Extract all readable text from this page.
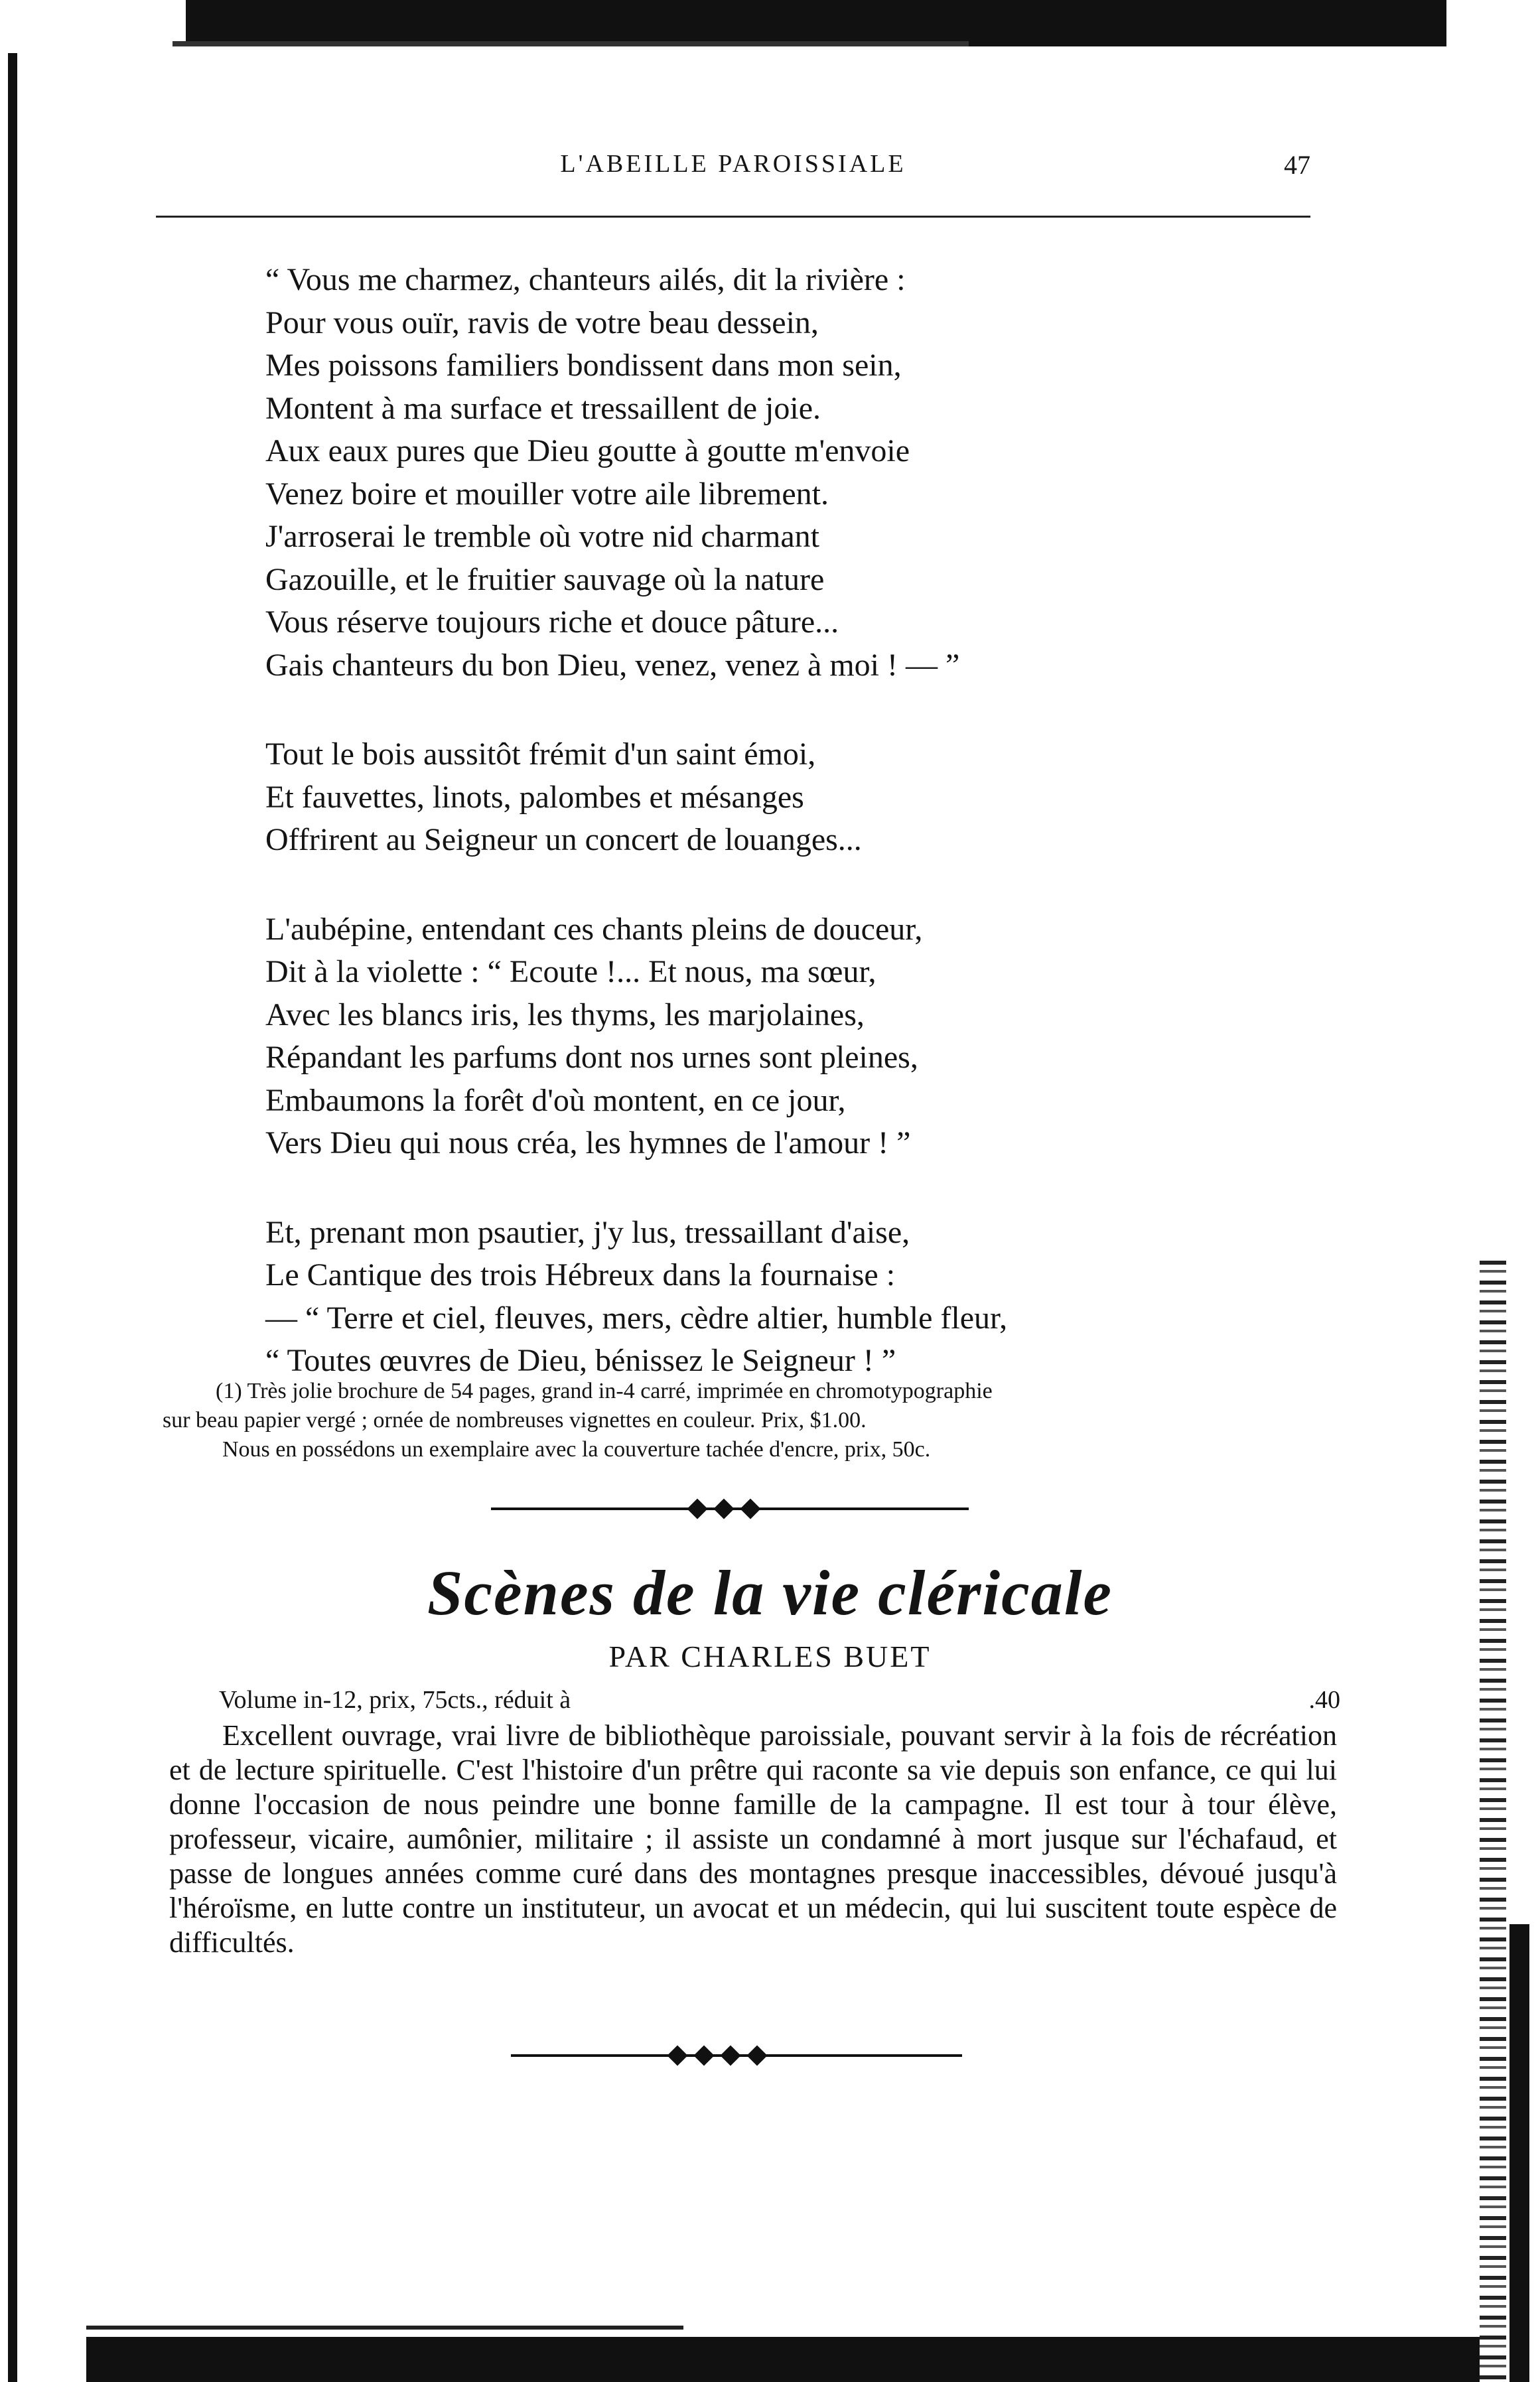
L'ABEILLE PAROISSIALE	47
“ Vous me charmez, chanteurs ailés, dit la rivière :
Pour vous ouïr, ravis de votre beau dessein,
Mes poissons familiers bondissent dans mon sein,
Montent à ma surface et tressaillent de joie.
Aux eaux pures que Dieu goutte à goutte m'envoie
Venez boire et mouiller votre aile librement.
J'arroserai le tremble où votre nid charmant
Gazouille, et le fruitier sauvage où la nature
Vous réserve toujours riche et douce pâture...
Gais chanteurs du bon Dieu, venez, venez à moi ! — ”
Tout le bois aussitôt frémit d'un saint émoi,
Et fauvettes, linots, palombes et mésanges
Offrirent au Seigneur un concert de louanges...
L'aubépine, entendant ces chants pleins de douceur,
Dit à la violette : “ Ecoute !... Et nous, ma sœur,
Avec les blancs iris, les thyms, les marjolaines,
Répandant les parfums dont nos urnes sont pleines,
Embaumons la forêt d'où montent, en ce jour,
Vers Dieu qui nous créa, les hymnes de l'amour ! ”
Et, prenant mon psautier, j'y lus, tressaillant d'aise,
Le Cantique des trois Hébreux dans la fournaise :
— “ Terre et ciel, fleuves, mers, cèdre altier, humble fleur,
“ Toutes œuvres de Dieu, bénissez le Seigneur ! ”
(1) Très jolie brochure de 54 pages, grand in-4 carré, imprimée en chromotypographie
sur beau papier vergé ; ornée de nombreuses vignettes en couleur. Prix, $1.00.
Nous en possédons un exemplaire avec la couverture tachée d'encre, prix, 50c.
Scènes de la vie cléricale
PAR CHARLES BUET
Volume in-12, prix, 75cts., réduit à	.40

Excellent ouvrage, vrai livre de bibliothèque paroissiale, pouvant servir à la fois de récréation et de lecture spirituelle. C'est l'histoire d'un prêtre qui raconte sa vie depuis son enfance, ce qui lui donne l'occasion de nous peindre une bonne famille de la campagne. Il est tour à tour élève, professeur, vicaire, aumônier, militaire ; il assiste un condamné à mort jusque sur l'échafaud, et passe de longues années comme curé dans des montagnes presque inaccessibles, dévoué jusqu'à l'héroïsme, en lutte contre un instituteur, un avocat et un médecin, qui lui suscitent toute espèce de difficultés.
